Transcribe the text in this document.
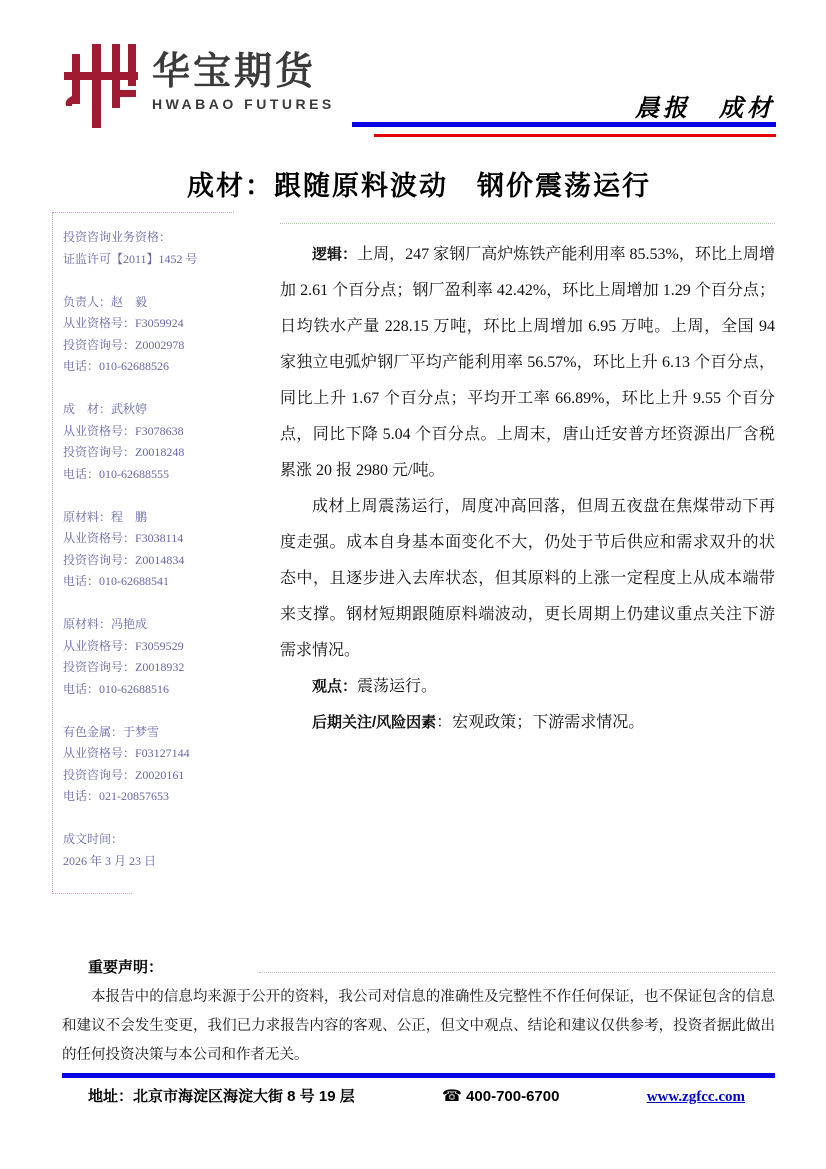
华宝期货
HWABAO FUTURES	晨报　成材
成材：跟随原料波动　钢价震荡运行
投资咨询业务资格：
证监许可【2011】1452 号
负责人：赵　毅
从业资格号：F3059924
投资咨询号：Z0002978
电话：010-62688526
成　材：武秋婷
从业资格号：F3078638
投资咨询号：Z0018248
电话：010-62688555
原材料：程　鹏
从业资格号：F3038114
投资咨询号：Z0014834
电话：010-62688541
原材料：冯艳成
从业资格号：F3059529
投资咨询号：Z0018932
电话：010-62688516
有色金属：于梦雪
从业资格号：F03127144
投资咨询号：Z0020161
电话：021-20857653
成文时间：
2026 年 3 月 23 日

逻辑：上周，247 家钢厂高炉炼铁产能利用率 85.53%，环比上周增加 2.61 个百分点；钢厂盈利率 42.42%，环比上周增加 1.29 个百分点；日均铁水产量 228.15 万吨，环比上周增加 6.95 万吨。上周，全国 94 家独立电弧炉钢厂平均产能利用率 56.57%，环比上升 6.13 个百分点，同比上升 1.67 个百分点；平均开工率 66.89%，环比上升 9.55 个百分点，同比下降 5.04 个百分点。上周末，唐山迁安普方坯资源出厂含税累涨 20 报 2980 元/吨。

成材上周震荡运行，周度冲高回落，但周五夜盘在焦煤带动下再度走强。成本自身基本面变化不大，仍处于节后供应和需求双升的状态中，且逐步进入去库状态，但其原料的上涨一定程度上从成本端带来支撑。钢材短期跟随原料端波动，更长周期上仍建议重点关注下游需求情况。

观点：震荡运行。

后期关注/风险因素：宏观政策；下游需求情况。

重要声明：

本报告中的信息均来源于公开的资料，我公司对信息的准确性及完整性不作任何保证，也不保证包含的信息和建议不会发生变更，我们已力求报告内容的客观、公正，但文中观点、结论和建议仅供参考，投资者据此做出的任何投资决策与本公司和作者无关。

地址：北京市海淀区海淀大街 8 号 19 层	☎ 400-700-6700	www.zgfcc.com
